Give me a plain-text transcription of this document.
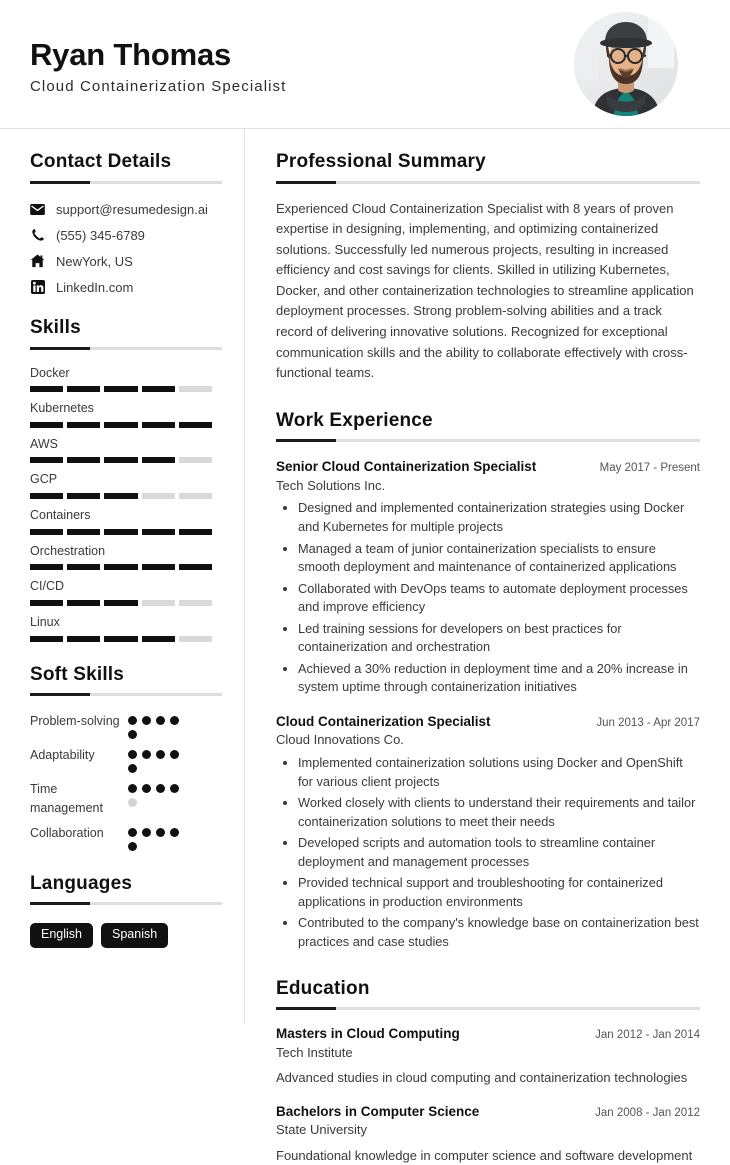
Ryan Thomas
Cloud Containerization Specialist
Contact Details
support@resumedesign.ai
(555) 345-6789
NewYork, US
LinkedIn.com
Skills
Docker
Kubernetes
AWS
GCP
Containers
Orchestration
CI/CD
Linux
Soft Skills
Problem-solving
Adaptability
Time management
Collaboration
Languages
English	Spanish
Professional Summary
Experienced Cloud Containerization Specialist with 8 years of proven expertise in designing, implementing, and optimizing containerized solutions. Successfully led numerous projects, resulting in increased efficiency and cost savings for clients. Skilled in utilizing Kubernetes, Docker, and other containerization technologies to streamline application deployment processes. Strong problem-solving abilities and a track record of delivering innovative solutions. Recognized for exceptional communication skills and the ability to collaborate effectively with cross-functional teams.
Work Experience
Senior Cloud Containerization Specialist	May 2017 - Present
Tech Solutions Inc.
• Designed and implemented containerization strategies using Docker and Kubernetes for multiple projects
• Managed a team of junior containerization specialists to ensure smooth deployment and maintenance of containerized applications
• Collaborated with DevOps teams to automate deployment processes and improve efficiency
• Led training sessions for developers on best practices for containerization and orchestration
• Achieved a 30% reduction in deployment time and a 20% increase in system uptime through containerization initiatives
Cloud Containerization Specialist	Jun 2013 - Apr 2017
Cloud Innovations Co.
• Implemented containerization solutions using Docker and OpenShift for various client projects
• Worked closely with clients to understand their requirements and tailor containerization solutions to meet their needs
• Developed scripts and automation tools to streamline container deployment and management processes
• Provided technical support and troubleshooting for containerized applications in production environments
• Contributed to the company's knowledge base on containerization best practices and case studies
Education
Masters in Cloud Computing	Jan 2012 - Jan 2014
Tech Institute
Advanced studies in cloud computing and containerization technologies
Bachelors in Computer Science	Jan 2008 - Jan 2012
State University
Foundational knowledge in computer science and software development
